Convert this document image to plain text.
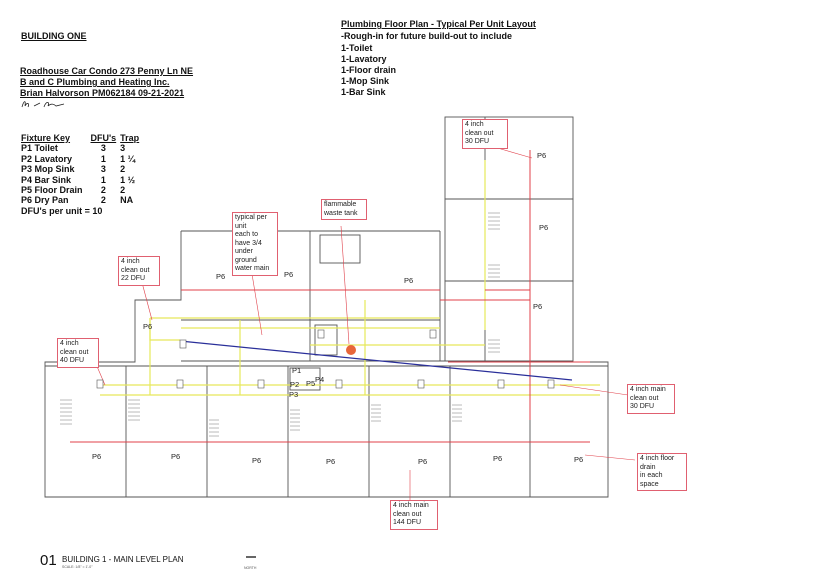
BUILDING ONE
Roadhouse Car Condo 273 Penny Ln NE
B and C Plumbing and Heating Inc.
Brian Halvorson PM062184 09-21-2021
Plumbing Floor Plan - Typical Per Unit Layout
-Rough-in for future build-out to include
1-Toilet
1-Lavatory
1-Floor drain
1-Mop Sink
1-Bar Sink
Fixture Key	DFU's	Trap
P1 Toilet	3	3
P2 Lavatory	1	1 ¼
P3 Mop Sink	3	2
P4 Bar Sink	1	1 ½
P5 Floor Drain	2	2
P6 Dry Pan	2	NA
DFU's per unit = 10		
P6	P6
P6
P6
P6
P6
P6
P6	P6	P6	P6	P6	P6	P6
P1
P2
P3
P4
P5
4 inch
clean out
30 DFU
flammable
waste tank
typical per
unit
each to
have 3/4
under
ground
water main
4 inch
clean out
22 DFU
4 inch
clean out
40 DFU
4 inch main
clean out
30 DFU
4 inch floor
drain
in each
space
4 inch main
clean out
144 DFU
01 BUILDING 1 - MAIN LEVEL PLAN
SCALE: 1/8" = 1'-0"	NORTH
